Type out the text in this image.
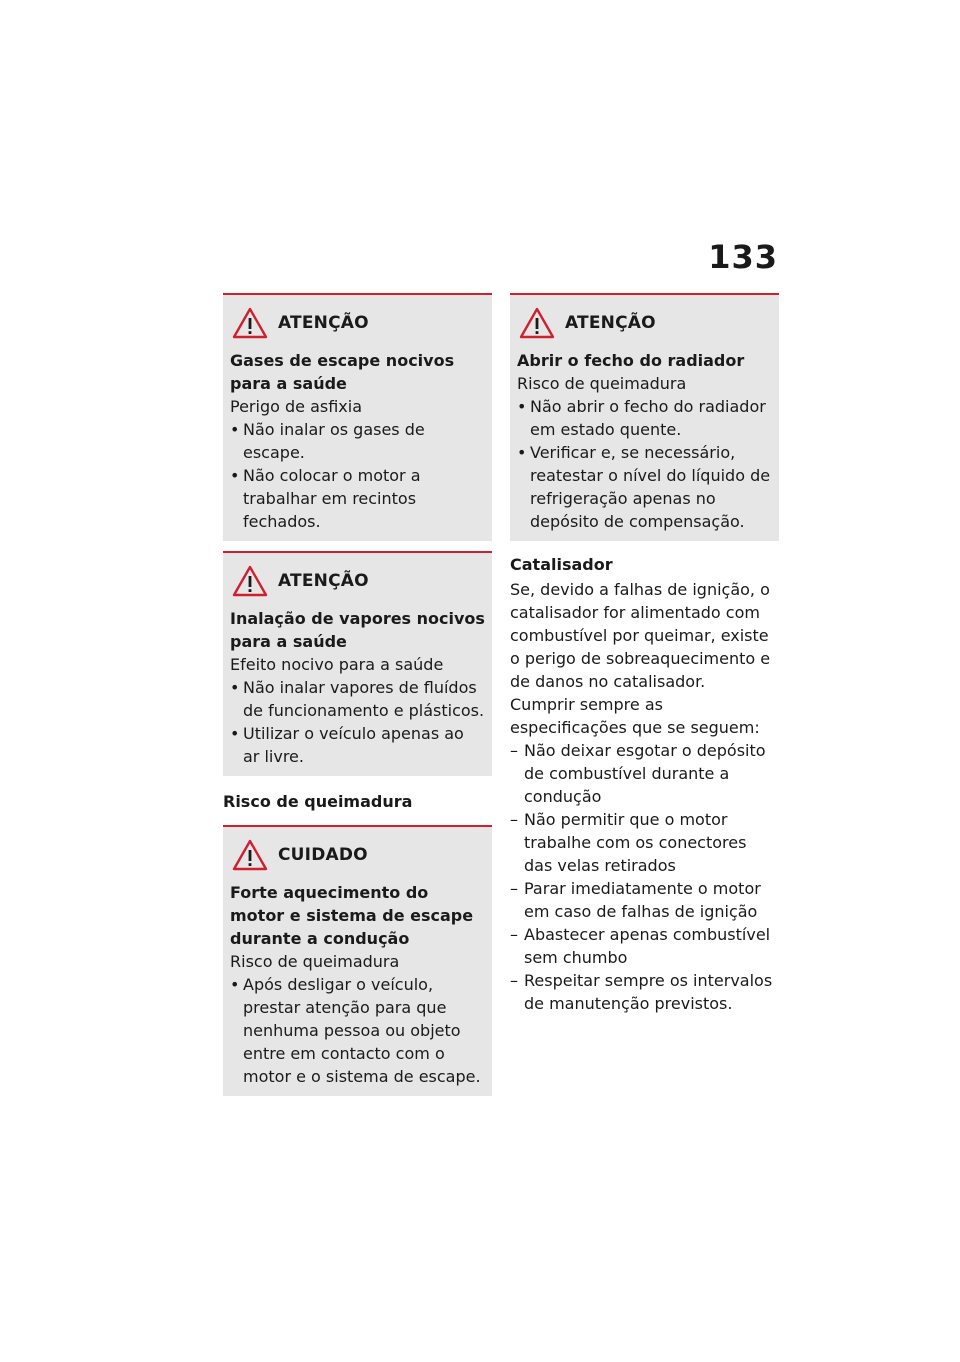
133
ATENÇÃO
Gases de escape nocivos para a saúde
Perigo de asfixia
• Não inalar os gases de escape.
• Não colocar o motor a trabalhar em recintos fechados.
ATENÇÃO
Inalação de vapores nocivos para a saúde
Efeito nocivo para a saúde
• Não inalar vapores de fluídos de funcionamento e plásticos.
• Utilizar o veículo apenas ao ar livre.
Risco de queimadura
CUIDADO
Forte aquecimento do motor e sistema de escape durante a condução
Risco de queimadura
• Após desligar o veículo, prestar atenção para que nenhuma pessoa ou objeto entre em contacto com o motor e o sistema de escape.
ATENÇÃO
Abrir o fecho do radiador
Risco de queimadura
• Não abrir o fecho do radiador em estado quente.
• Verificar e, se necessário, reatestar o nível do líquido de refrigeração apenas no depósito de compensação.
Catalisador
Se, devido a falhas de ignição, o catalisador for alimentado com combustível por queimar, existe o perigo de sobreaquecimento e de danos no catalisador.
Cumprir sempre as especificações que se seguem:
– Não deixar esgotar o depósito de combustível durante a condução
– Não permitir que o motor trabalhe com os conectores das velas retirados
– Parar imediatamente o motor em caso de falhas de ignição
– Abastecer apenas combustível sem chumbo
– Respeitar sempre os intervalos de manutenção previstos.
